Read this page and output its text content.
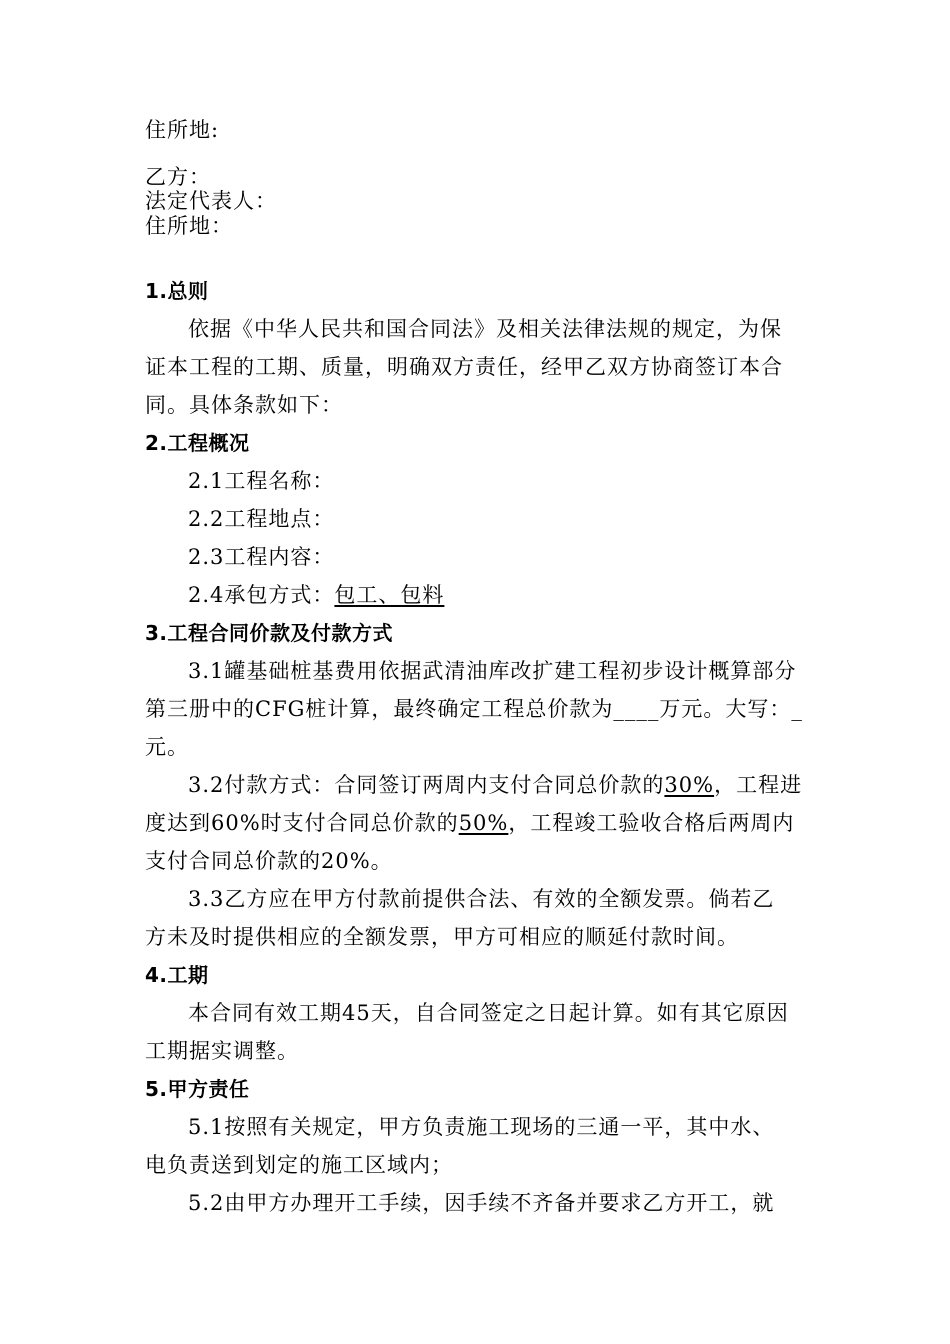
住所地:
乙方：
法定代表人：
住所地：
1.总则
依据《中华人民共和国合同法》及相关法律法规的规定，为保
证本工程的工期、质量，明确双方责任，经甲乙双方协商签订本合
同。具体条款如下：
2.工程概况
2.1工程名称：
2.2工程地点：
2.3工程内容：
2.4承包方式：包工、包料
3.工程合同价款及付款方式
3.1罐基础桩基费用依据武清油库改扩建工程初步设计概算部分
第三册中的CFG桩计算，最终确定工程总价款为____万元。大写：_
元。
3.2付款方式：合同签订两周内支付合同总价款的30%，工程进
度达到60%时支付合同总价款的50%，工程竣工验收合格后两周内
支付合同总价款的20%。
3.3乙方应在甲方付款前提供合法、有效的全额发票。倘若乙
方未及时提供相应的全额发票，甲方可相应的顺延付款时间。
4.工期
本合同有效工期45天，自合同签定之日起计算。如有其它原因
工期据实调整。
5.甲方责任
5.1按照有关规定，甲方负责施工现场的三通一平，其中水、
电负责送到划定的施工区域内；
5.2由甲方办理开工手续，因手续不齐备并要求乙方开工，就
